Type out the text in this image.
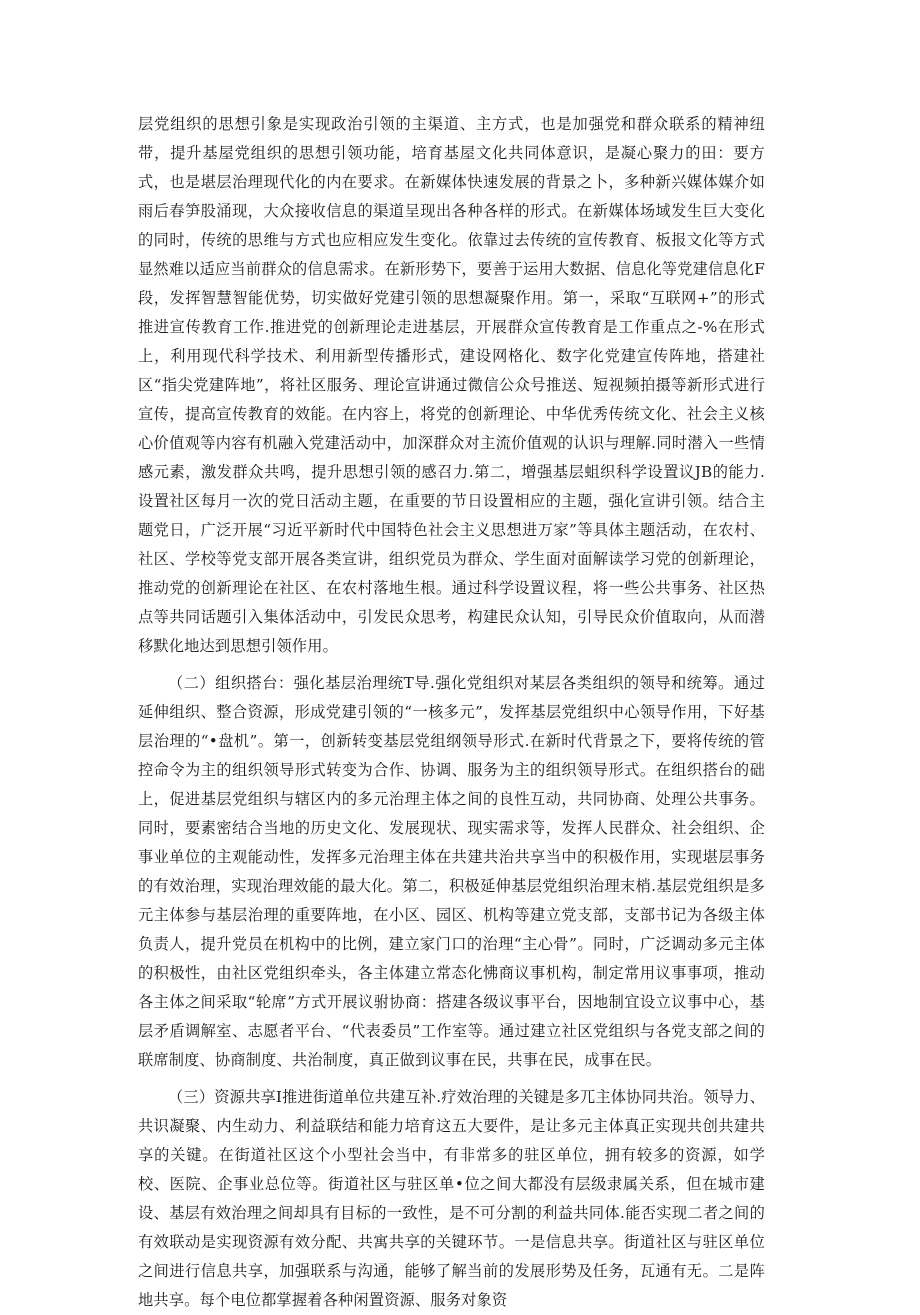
层党组织的思想引象是实现政治引领的主渠道、主方式，也是加强党和群众联系的精神纽带，提升基屋党组织的思想引领功能，培育基屋文化共同体意识，是凝心聚力的田：要方式，也是堪层治理现代化的内在要求。在新媒体快速发展的背景之卜，多种新兴媒体媒介如雨后春笋股涌现，大众接收信息的渠道呈现出各种各样的形式。在新媒体场域发生巨大变化的同时，传统的思维与方式也应相应发生变化。依靠过去传统的宣传教育、板报文化等方式显然难以适应当前群众的信息需求。在新形势下，要善于运用大数据、信息化等党建信息化F段，发挥智慧智能优势，切实做好党建引领的思想凝聚作用。第一，采取“互联网+”的形式推进宣传教育工作.推进党的创新理论走进基层，开展群众宣传教育是工作重点之-%在形式上，利用现代科学技术、利用新型传播形式，建设网格化、数字化党建宣传阵地，搭建社区“指尖党建阵地”，将社区服务、理论宣讲通过微信公众号推送、短视频拍摄等新形式进行宣传，提高宣传教育的效能。在内容上，将党的创新理论、中华优秀传统文化、社会主义核心价值观等内容有机融入党建活动中，加深群众对主流价值观的认识与理解.同时潜入一些情感元素，激发群众共鸣，提升思想引领的感召力.第二，增强基层蛆织科学设置议JB的能力.设置社区每月一次的党日活动主题，在重要的节日设置相应的主题，强化宣讲引领。结合主题党日，广泛开展“习近平新时代中国特色社会主义思想进万家”等具体主题活动，在农村、社区、学校等党支部开展各类宣讲，组织党员为群众、学生面对面解读学习党的创新理论，推动党的创新理论在社区、在农村落地生根。通过科学设置议程，将一些公共事务、社区热点等共同话题引入集体活动中，引发民众思考，构建民众认知，引导民众价值取向，从而潜移默化地达到思想引领作用。

（二）组织搭台：强化基层治理统T导.强化党组织对某层各类组织的领导和统筹。通过延伸组织、整合资源，形成党建引领的“一核多元”，发挥基层党组织中心领导作用，下好基层治理的“•盘机”。第一，创新转变基层党组纲领导形式.在新时代背景之下，要将传统的管控命令为主的组织领导形式转变为合作、协调、服务为主的组织领导形式。在组织搭台的础上，促进基层党组织与辖区内的多元治理主体之间的良性互动，共同协商、处理公共事务。同时，要素密结合当地的历史文化、发展现状、现实需求等，发挥人民群众、社会组织、企事业单位的主观能动性，发挥多元治理主体在共建共治共享当中的积极作用，实现堪层事务的有效治理，实现治理效能的最大化。第二，积极延伸基层党组织治理末梢.基层党组织是多元主体参与基层治理的重要阵地，在小区、园区、机构等建立党支部，支部书记为各级主体负责人，提升党员在机构中的比例，建立家门口的治理“主心骨”。同时，广泛调动多元主体的积极性，由社区党组织牵头，各主体建立常态化怫商议事机构，制定常用议事事项，推动各主体之间采取“轮席”方式开展议驸协商：搭建各级议事平台，因地制宜设立议事中心，基层矛盾调解室、志愿者平台、“代表委员”工作室等。通过建立社区党组织与各党支部之间的联席制度、协商制度、共治制度，真正做到议事在民，共事在民，成事在民。

（三）资源共享I推进街道单位共建互补.疗效治理的关键是多兀主体协同共治。领导力、共识凝聚、内生动力、利益联结和能力培育这五大要件，是让多元主体真正实现共创共建共享的关键。在街道社区这个小型社会当中，有非常多的驻区单位，拥有较多的资源，如学校、医院、企事业总位等。街道社区与驻区单•位之间大都没有层级隶属关系，但在城市建设、基层有效治理之间却具有目标的一致性，是不可分割的利益共同体.能否实现二者之间的有效联动是实现资源有效分配、共寓共享的关键环节。一是信息共享。街道社区与驻区单位之间进行信息共享，加强联系与沟通，能够了解当前的发展形势及任务，瓦通有无。二是阵地共享。每个电位都掌握着各种闲置资源、服务对象资
